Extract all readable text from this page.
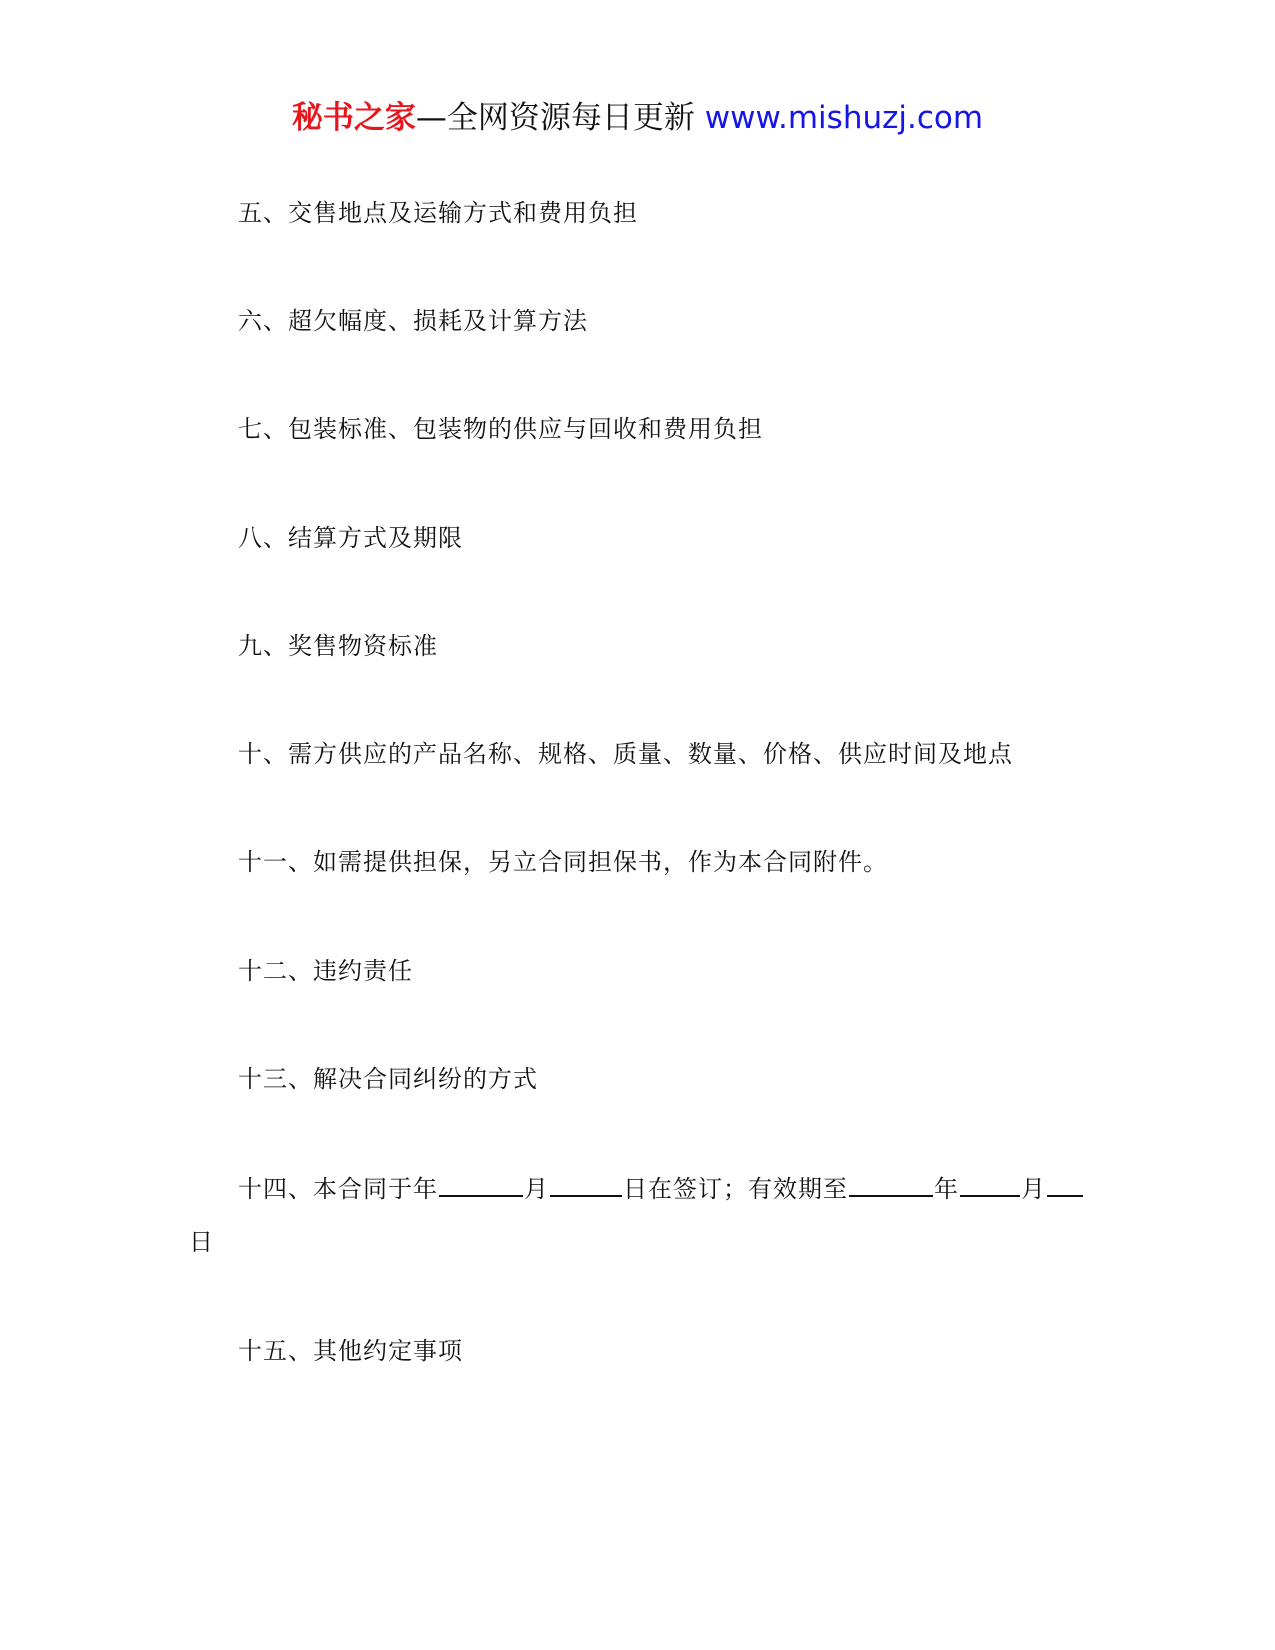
秘书之家—全网资源每日更新 www.mishuzj.com
五、交售地点及运输方式和费用负担
六、超欠幅度、损耗及计算方法
七、包装标准、包装物的供应与回收和费用负担
八、结算方式及期限
九、奖售物资标准
十、需方供应的产品名称、规格、质量、数量、价格、供应时间及地点
十一、如需提供担保，另立合同担保书，作为本合同附件。
十二、违约责任
十三、解决合同纠纷的方式
十四、本合同于年	月	日在签订；有效期至	年	月
日
十五、其他约定事项
